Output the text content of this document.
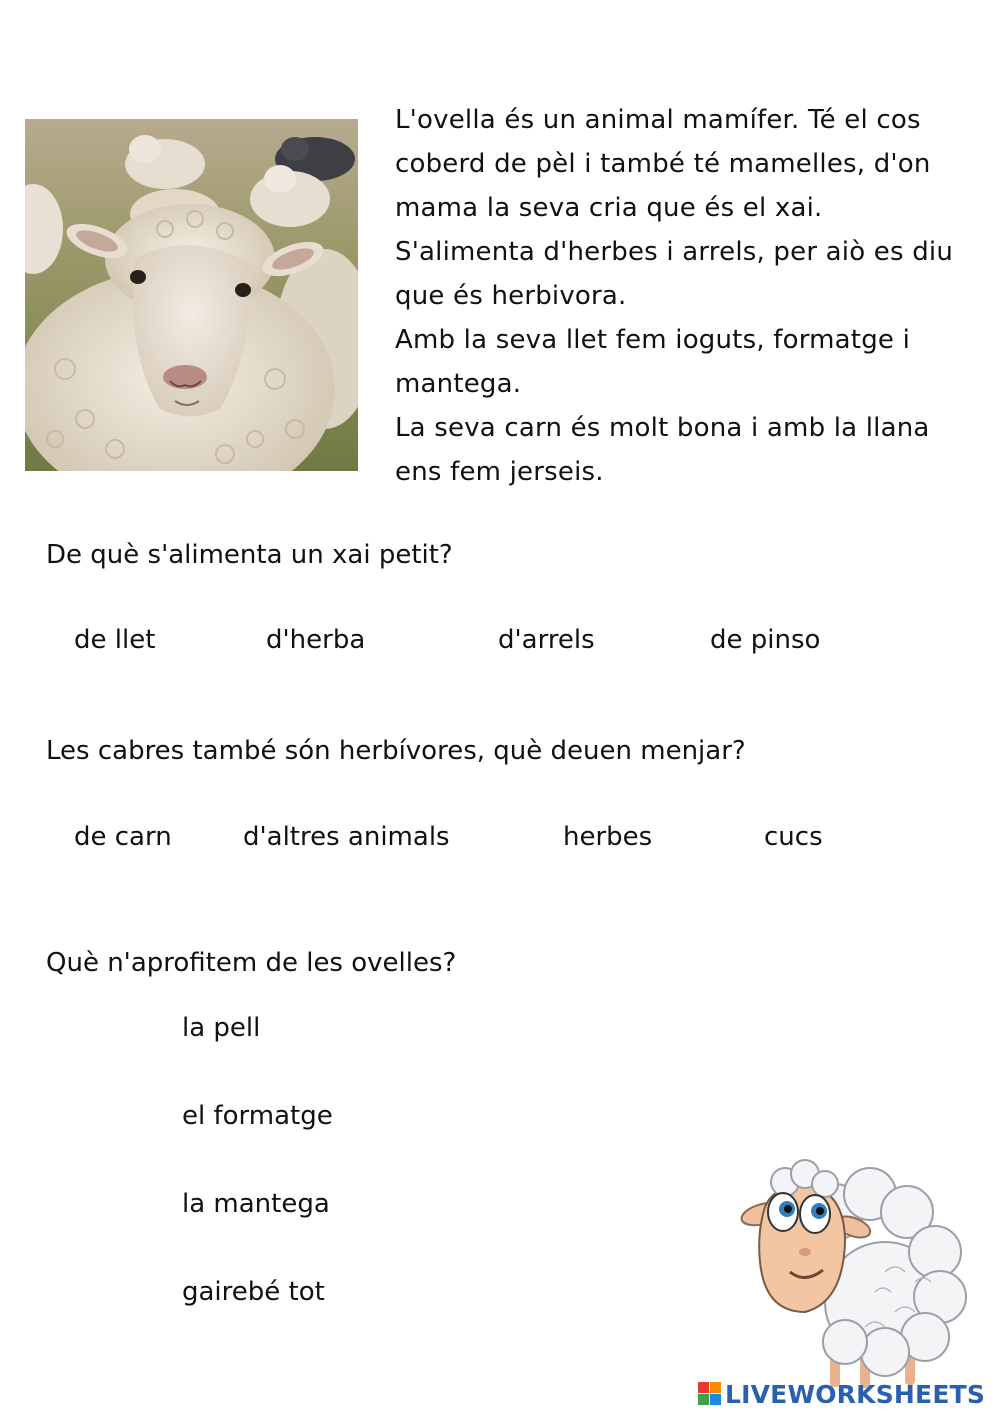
L'ovella és un animal mamífer. Té el cos
coberd de pèl i també té mamelles, d'on
mama la seva cria que és el xai.
S'alimenta d'herbes i arrels, per aiò es diu
que és herbivora.
Amb la seva llet fem ioguts, formatge i
mantega.
La seva carn és molt bona i amb la llana
ens fem jerseis.
De què s'alimenta un xai petit?
de llet	d'herba	d'arrels	de pinso
Les cabres també són herbívores, què deuen menjar?
de carn	d'altres animals	herbes	cucs
Què n'aprofitem de les ovelles?
la pell
el formatge
la mantega
gairebé tot
LIVEWORKSHEETS
